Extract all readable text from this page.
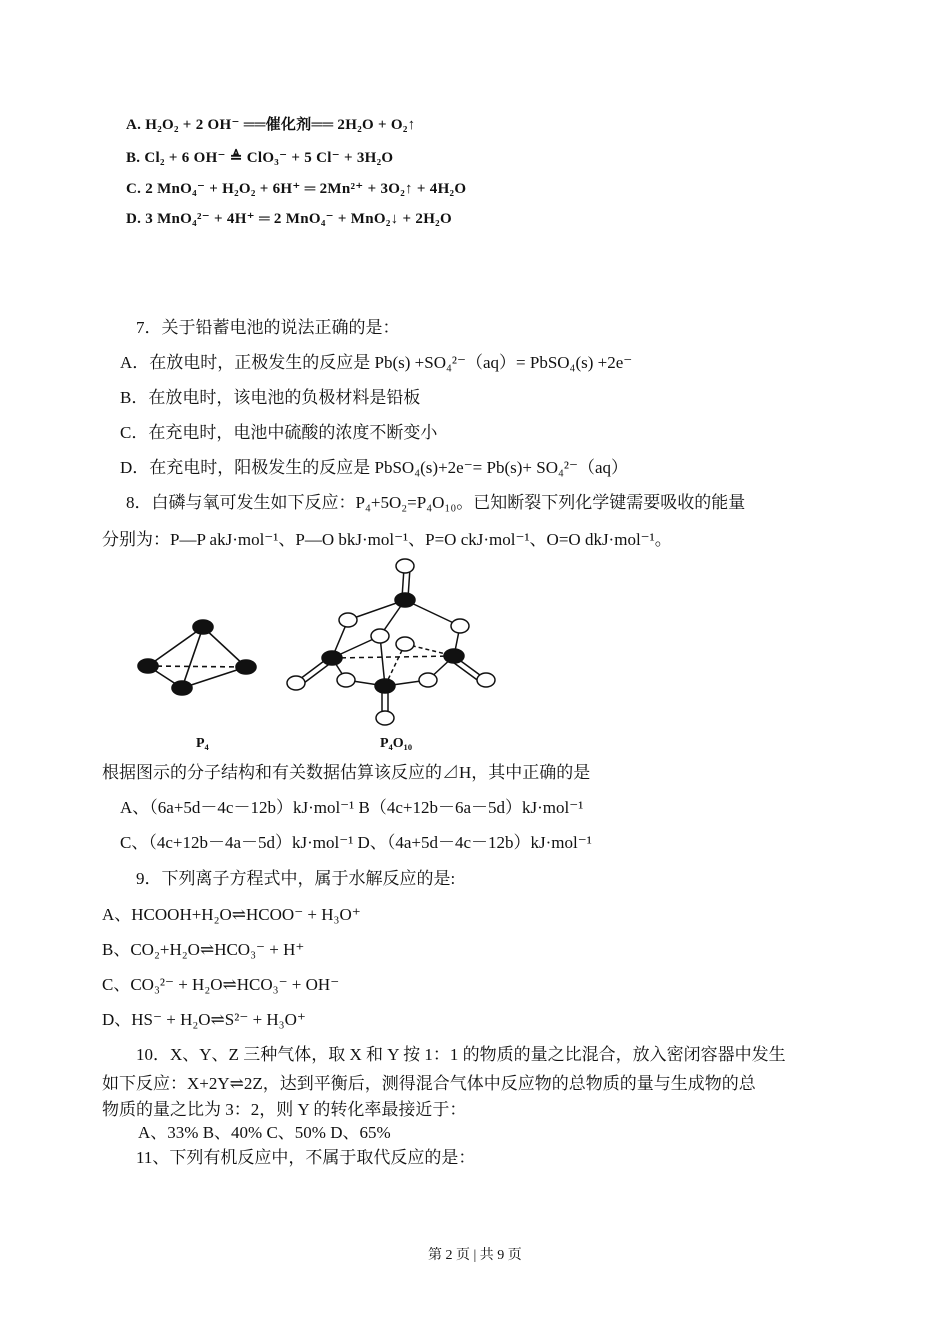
A. H₂O₂ + 2 OH⁻ ══催化剂══ 2H₂O + O₂↑
B. Cl₂ + 6 OH⁻ ≜ ClO₃⁻ + 5 Cl⁻ + 3H₂O
C. 2 MnO₄⁻ + H₂O₂ + 6H⁺ ═ 2Mn²⁺ + 3O₂↑ + 4H₂O
D. 3 MnO₄²⁻ + 4H⁺ ═ 2 MnO₄⁻ + MnO₂↓ + 2H₂O
7．关于铅蓄电池的说法正确的是：
A．在放电时，正极发生的反应是 Pb(s) +SO₄²⁻（aq）= PbSO₄(s) +2e⁻
B．在放电时，该电池的负极材料是铅板
C．在充电时，电池中硫酸的浓度不断变小
D．在充电时，阳极发生的反应是 PbSO₄(s)+2e⁻= Pb(s)+ SO₄²⁻（aq）
8．白磷与氧可发生如下反应：P₄+5O₂=P₄O₁₀。已知断裂下列化学键需要吸收的能量
分别为：P—P akJ·mol⁻¹、P—O bkJ·mol⁻¹、P=O ckJ·mol⁻¹、O=O dkJ·mol⁻¹。
P₄	P₄O₁₀
根据图示的分子结构和有关数据估算该反应的⊿H，其中正确的是
A、（6a+5d－4c－12b）kJ·mol⁻¹ B（4c+12b－6a－5d）kJ·mol⁻¹
C、（4c+12b－4a－5d）kJ·mol⁻¹ D、（4a+5d－4c－12b）kJ·mol⁻¹
9．下列离子方程式中，属于水解反应的是:
A、HCOOH+H₂O⇌HCOO⁻ + H₃O⁺
B、CO₂+H₂O⇌HCO₃⁻ + H⁺
C、CO₃²⁻ + H₂O⇌HCO₃⁻ + OH⁻
D、HS⁻ + H₂O⇌S²⁻ + H₃O⁺
10．X、Y、Z 三种气体，取 X 和 Y 按 1：1 的物质的量之比混合，放入密闭容器中发生
如下反应：X+2Y⇌2Z，达到平衡后，测得混合气体中反应物的总物质的量与生成物的总
物质的量之比为 3：2，则 Y 的转化率最接近于：
A、33% B、40% C、50% D、65%
11、下列有机反应中，不属于取代反应的是：
第 2 页 | 共 9 页
